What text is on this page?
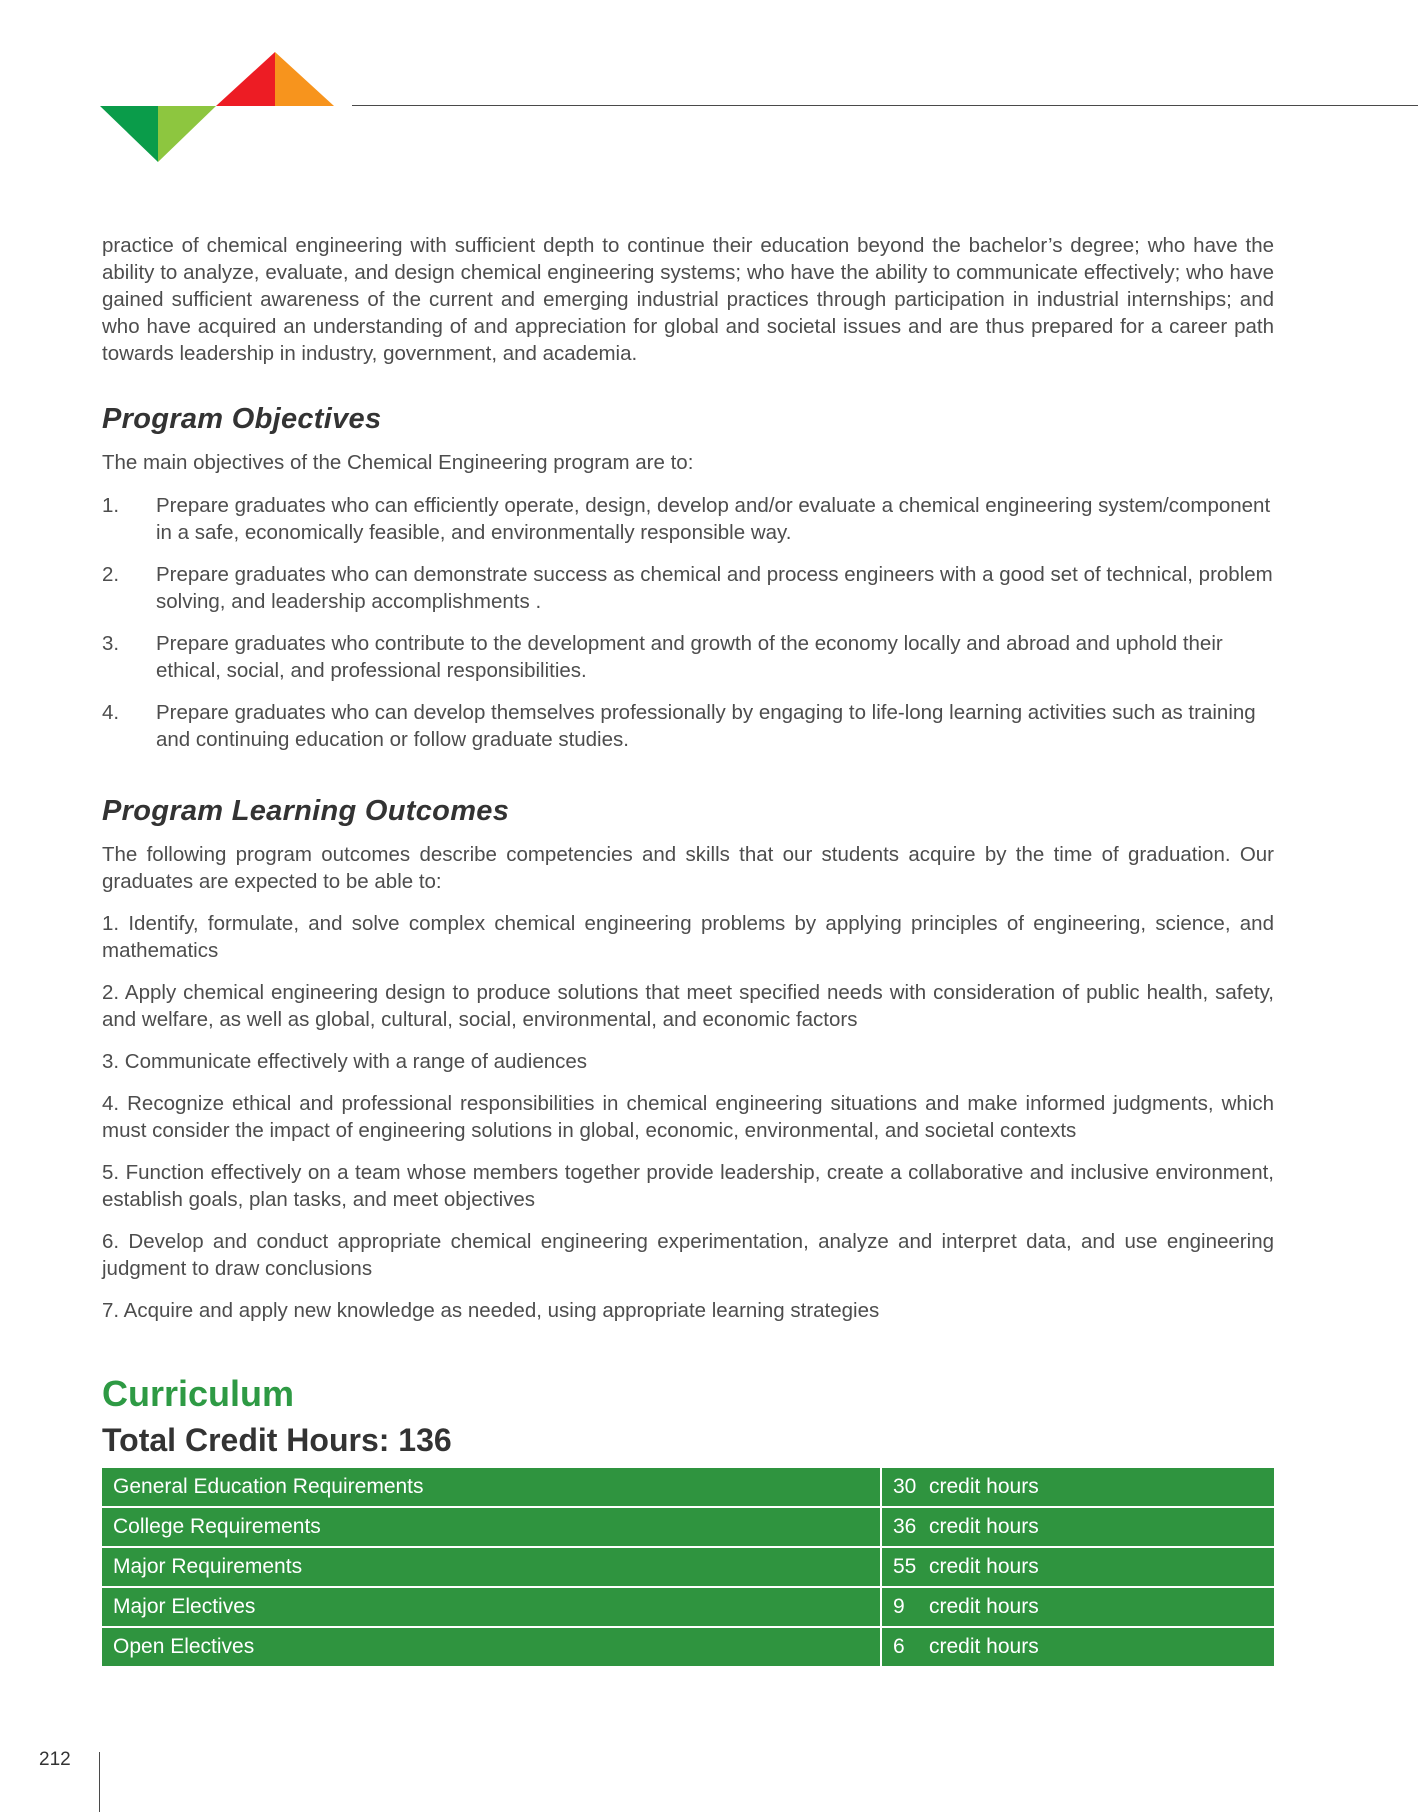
practice of chemical engineering with sufficient depth to continue their education beyond the bachelor’s degree; who have the ability to analyze, evaluate, and design chemical engineering systems; who have the ability to communicate effectively; who have gained sufficient awareness of the current and emerging industrial practices through participation in industrial internships; and who have acquired an understanding of and appreciation for global and societal issues and are thus prepared for a career path towards leadership in industry, government, and academia.

Program Objectives

The main objectives of the Chemical Engineering program are to:

1.	Prepare graduates who can efficiently operate, design, develop and/or evaluate a chemical engineering system/component in a safe, economically feasible, and environmentally responsible way.
2.	Prepare graduates who can demonstrate success as chemical and process engineers with a good set of technical, problem solving, and leadership accomplishments .
3.	Prepare graduates who contribute to the development and growth of the economy locally and abroad and uphold their ethical, social, and professional responsibilities.
4.	Prepare graduates who can develop themselves professionally by engaging to life-long learning activities such as training and continuing education or follow graduate studies.
Program Learning Outcomes

The following program outcomes describe competencies and skills that our students acquire by the time of graduation. Our graduates are expected to be able to:

1. Identify, formulate, and solve complex chemical engineering problems by applying principles of engineering, science, and mathematics

2. Apply chemical engineering design to produce solutions that meet specified needs with consideration of public health, safety, and welfare, as well as global, cultural, social, environmental, and economic factors

3. Communicate effectively with a range of audiences

4. Recognize ethical and professional responsibilities in chemical engineering situations and make informed judgments, which must consider the impact of engineering solutions in global, economic, environmental, and societal contexts

5. Function effectively on a team whose members together provide leadership, create a collaborative and inclusive environment, establish goals, plan tasks, and meet objectives

6. Develop and conduct appropriate chemical engineering experimentation, analyze and interpret data, and use engineering judgment to draw conclusions

7. Acquire and apply new knowledge as needed, using appropriate learning strategies

Curriculum
Total Credit Hours: 136
General Education Requirements	30 credit hours
College Requirements	36 credit hours
Major Requirements	55 credit hours
Major Electives	9 credit hours
Open Electives	6 credit hours
212
